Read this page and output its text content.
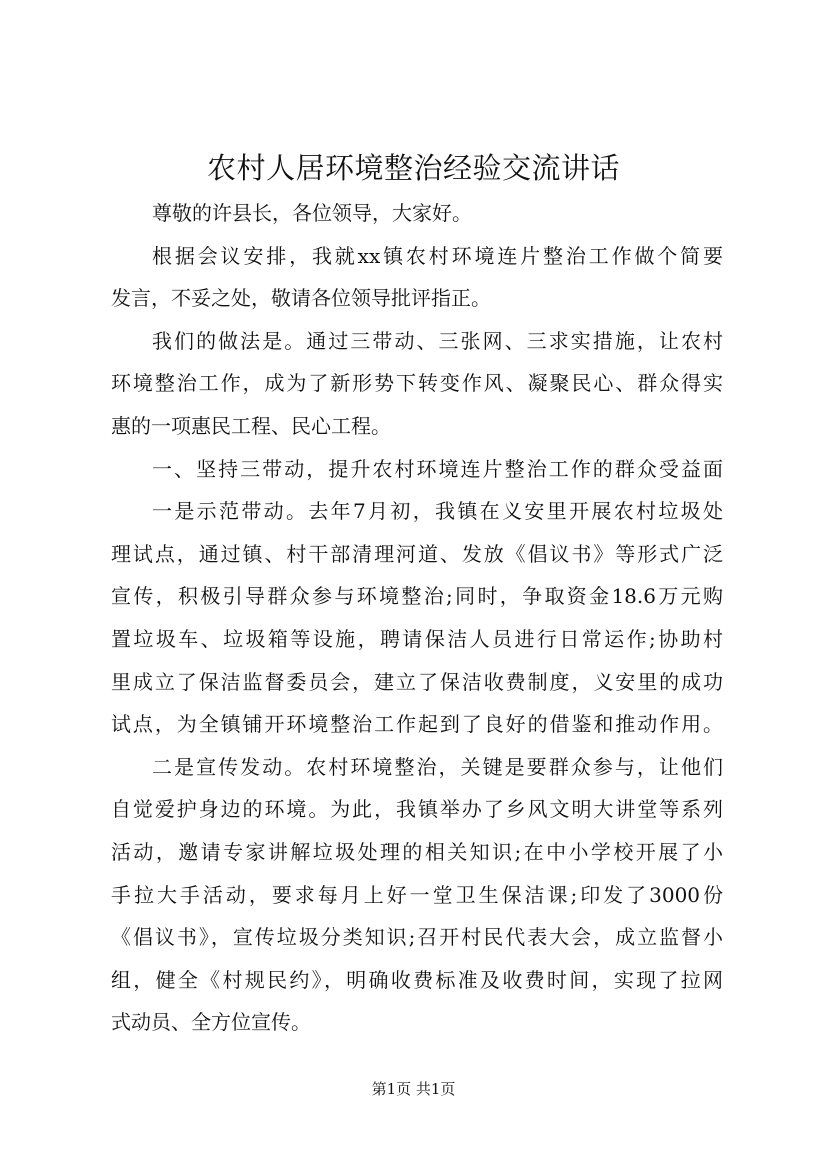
农村人居环境整治经验交流讲话
尊敬的许县长，各位领导，大家好。
根据会议安排，我就xx镇农村环境连片整治工作做个简要
发言，不妥之处，敬请各位领导批评指正。
我们的做法是。通过三带动、三张网、三求实措施，让农村
环境整治工作，成为了新形势下转变作风、凝聚民心、群众得实
惠的一项惠民工程、民心工程。
一、坚持三带动，提升农村环境连片整治工作的群众受益面
一是示范带动。去年7月初，我镇在义安里开展农村垃圾处
理试点，通过镇、村干部清理河道、发放《倡议书》等形式广泛
宣传，积极引导群众参与环境整治;同时，争取资金18.6万元购
置垃圾车、垃圾箱等设施，聘请保洁人员进行日常运作;协助村
里成立了保洁监督委员会，建立了保洁收费制度，义安里的成功
试点，为全镇铺开环境整治工作起到了良好的借鉴和推动作用。
二是宣传发动。农村环境整治，关键是要群众参与，让他们
自觉爱护身边的环境。为此，我镇举办了乡风文明大讲堂等系列
活动，邀请专家讲解垃圾处理的相关知识;在中小学校开展了小
手拉大手活动，要求每月上好一堂卫生保洁课;印发了3000份
《倡议书》，宣传垃圾分类知识;召开村民代表大会，成立监督小
组，健全《村规民约》，明确收费标准及收费时间，实现了拉网
式动员、全方位宣传。
第1页 共1页
